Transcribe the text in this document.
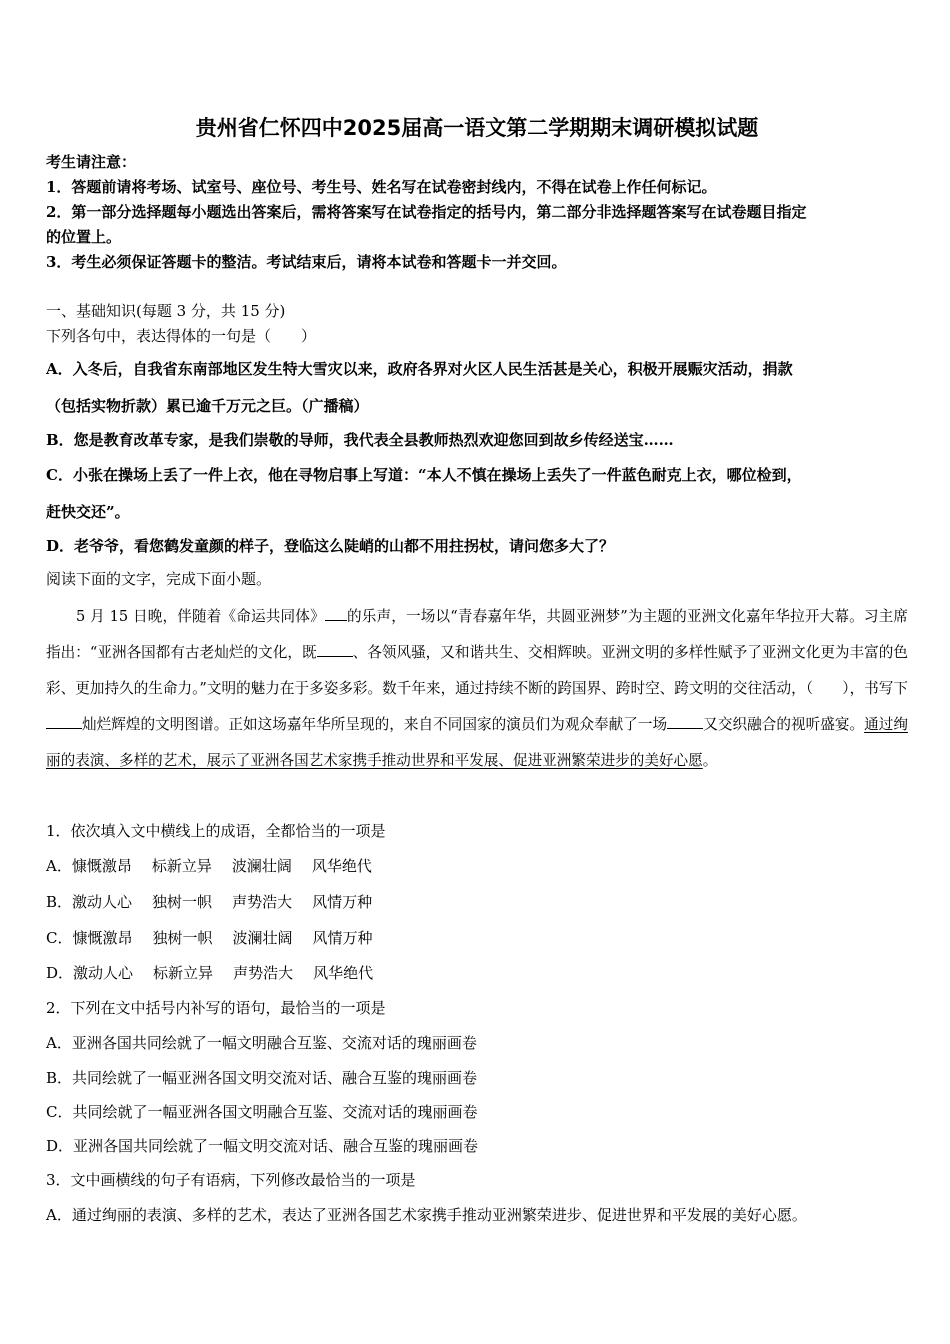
贵州省仁怀四中2025届高一语文第二学期期末调研模拟试题
考生请注意：
1．答题前请将考场、试室号、座位号、考生号、姓名写在试卷密封线内，不得在试卷上作任何标记。
2．第一部分选择题每小题选出答案后，需将答案写在试卷指定的括号内，第二部分非选择题答案写在试卷题目指定
的位置上。
3．考生必须保证答题卡的整洁。考试结束后，请将本试卷和答题卡一并交回。
一、基础知识(每题 3 分，共 15 分)
下列各句中，表达得体的一句是（　　）
A．入冬后，自我省东南部地区发生特大雪灾以来，政府各界对火区人民生活甚是关心，积极开展赈灾活动，捐款
（包括实物折款）累已逾千万元之巨。（广播稿）
B．您是教育改革专家，是我们崇敬的导师，我代表全县教师热烈欢迎您回到故乡传经送宝……
C．小张在操场上丢了一件上衣，他在寻物启事上写道：“本人不慎在操场上丢失了一件蓝色耐克上衣，哪位检到，
赶快交还”。
D．老爷爷，看您鹤发童颜的样子，登临这么陡峭的山都不用拄拐杖，请问您多大了？
阅读下面的文字，完成下面小题。
5 月 15 日晚，伴随着《命运共同体》 的乐声，一场以“青春嘉年华，共圆亚洲梦”为主题的亚洲文化嘉年华拉开大幕。习主席指出：“亚洲各国都有古老灿烂的文化，既 、各领风骚，又和谐共生、交相辉映。亚洲文明的多样性赋予了亚洲文化更为丰富的色彩、更加持久的生命力。”文明的魅力在于多姿多彩。数千年来，通过持续不断的跨国界、跨时空、跨文明的交往活动，（　　），书写下灿烂辉煌的文明图谱。正如这场嘉年华所呈现的，来自不同国家的演员们为观众奉献了一场 又交织融合的视听盛宴。通过绚丽的表演、多样的艺术，展示了亚洲各国艺术家携手推动世界和平发展、促进亚洲繁荣进步的美好心愿。
1．依次填入文中横线上的成语，全都恰当的一项是
A．慷慨激昂 标新立异 波澜壮阔 风华绝代
B．激动人心 独树一帜 声势浩大 风情万种
C．慷慨激昂 独树一帜 波澜壮阔 风情万种
D．激动人心 标新立异 声势浩大 风华绝代
2．下列在文中括号内补写的语句，最恰当的一项是
A．亚洲各国共同绘就了一幅文明融合互鉴、交流对话的瑰丽画卷
B．共同绘就了一幅亚洲各国文明交流对话、融合互鉴的瑰丽画卷
C．共同绘就了一幅亚洲各国文明融合互鉴、交流对话的瑰丽画卷
D．亚洲各国共同绘就了一幅文明交流对话、融合互鉴的瑰丽画卷
3．文中画横线的句子有语病，下列修改最恰当的一项是
A．通过绚丽的表演、多样的艺术，表达了亚洲各国艺术家携手推动亚洲繁荣进步、促进世界和平发展的美好心愿。
